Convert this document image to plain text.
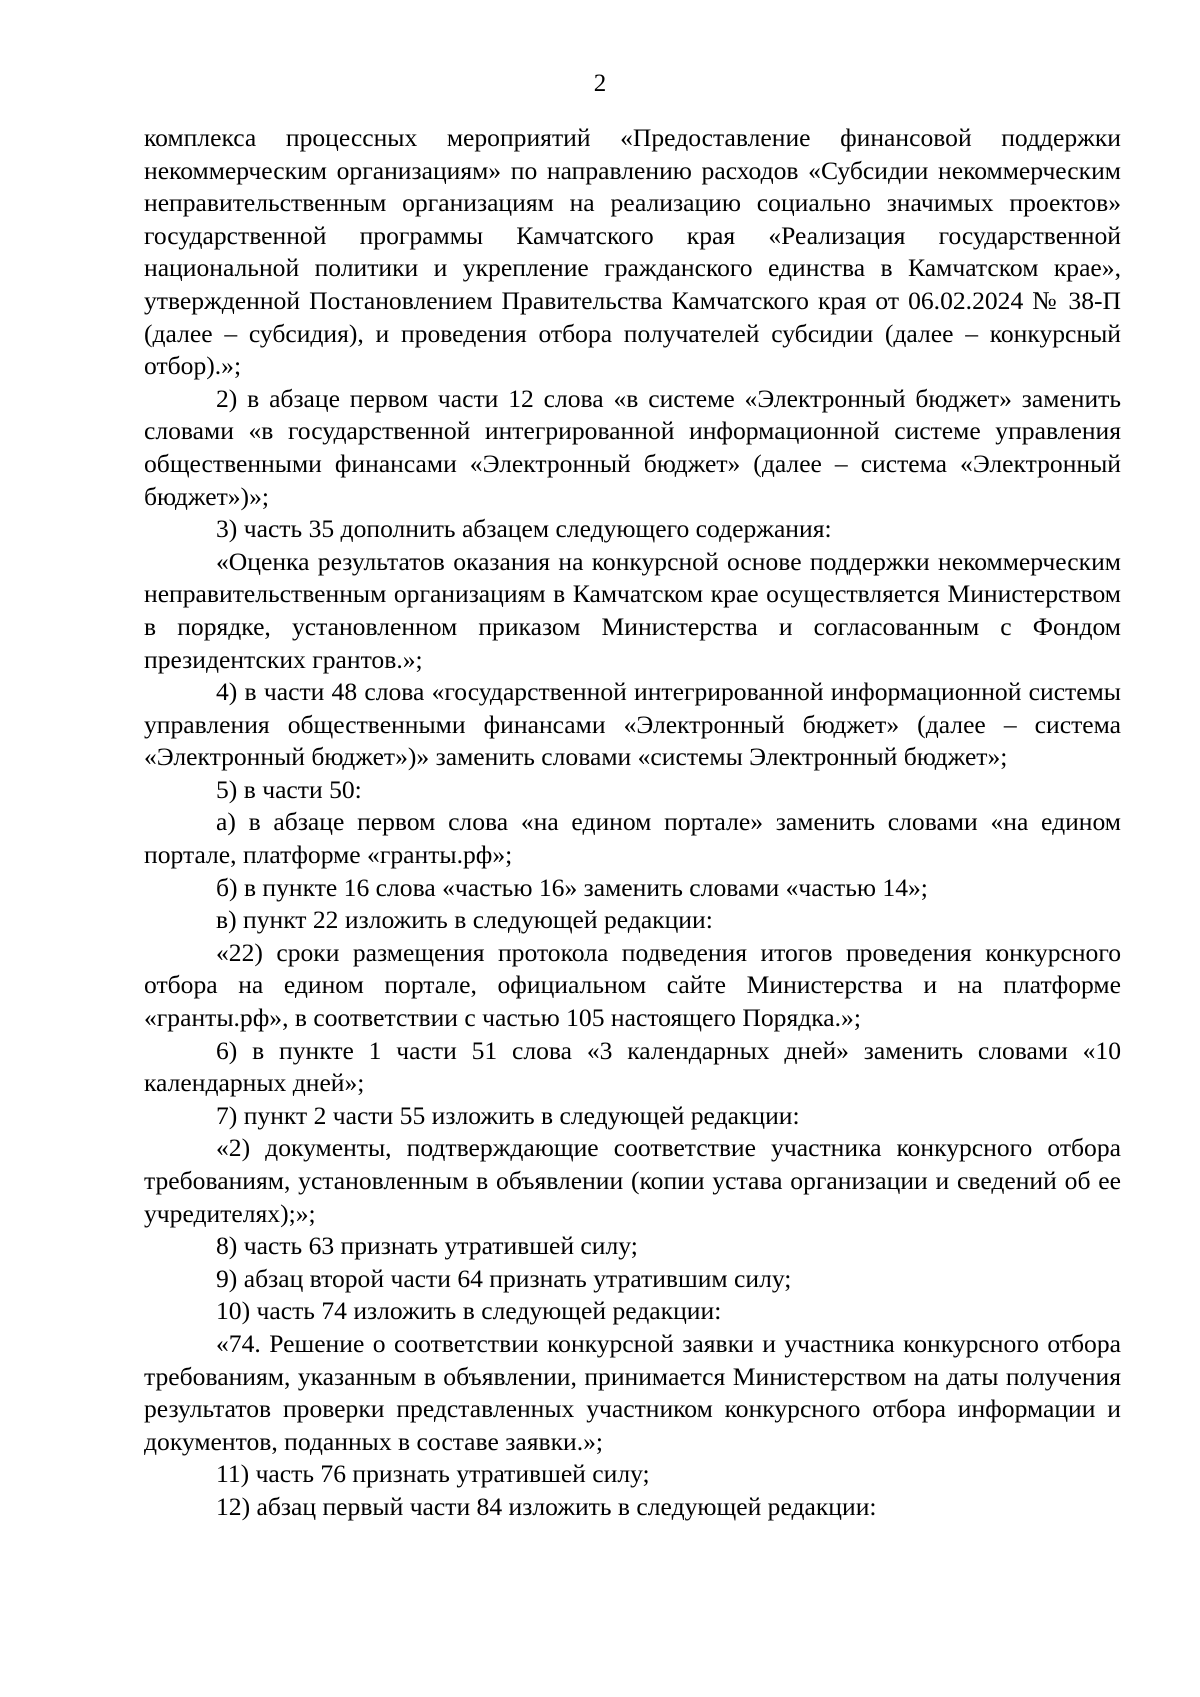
2

комплекса процессных мероприятий «Предоставление финансовой поддержки некоммерческим организациям» по направлению расходов «Субсидии некоммерческим неправительственным организациям на реализацию социально значимых проектов» государственной программы Камчатского края «Реализация государственной национальной политики и укрепление гражданского единства в Камчатском крае», утвержденной Постановлением Правительства Камчатского края от 06.02.2024 № 38-П (далее – субсидия), и проведения отбора получателей субсидии (далее – конкурсный отбор).»;

2) в абзаце первом части 12 слова «в системе «Электронный бюджет» заменить словами «в государственной интегрированной информационной системе управления общественными финансами «Электронный бюджет» (далее – система «Электронный бюджет»)»;

3) часть 35 дополнить абзацем следующего содержания:

«Оценка результатов оказания на конкурсной основе поддержки некоммерческим неправительственным организациям в Камчатском крае осуществляется Министерством в порядке, установленном приказом Министерства и согласованным с Фондом президентских грантов.»;

4) в части 48 слова «государственной интегрированной информационной системы управления общественными финансами «Электронный бюджет» (далее – система «Электронный бюджет»)» заменить словами «системы Электронный бюджет»;

5) в части 50:

а) в абзаце первом слова «на едином портале» заменить словами «на едином портале, платформе «гранты.рф»;

б) в пункте 16 слова «частью 16» заменить словами «частью 14»;

в) пункт 22 изложить в следующей редакции:

«22) сроки размещения протокола подведения итогов проведения конкурсного отбора на едином портале, официальном сайте Министерства и на платформе «гранты.рф», в соответствии с частью 105 настоящего Порядка.»;

6) в пункте 1 части 51 слова «3 календарных дней» заменить словами «10 календарных дней»;

7) пункт 2 части 55 изложить в следующей редакции:

«2) документы, подтверждающие соответствие участника конкурсного отбора требованиям, установленным в объявлении (копии устава организации и сведений об ее учредителях);»;

8) часть 63 признать утратившей силу;

9) абзац второй части 64 признать утратившим силу;

10) часть 74 изложить в следующей редакции:

«74. Решение о соответствии конкурсной заявки и участника конкурсного отбора требованиям, указанным в объявлении, принимается Министерством на даты получения результатов проверки представленных участником конкурсного отбора информации и документов, поданных в составе заявки.»;

11) часть 76 признать утратившей силу;

12) абзац первый части 84 изложить в следующей редакции:
